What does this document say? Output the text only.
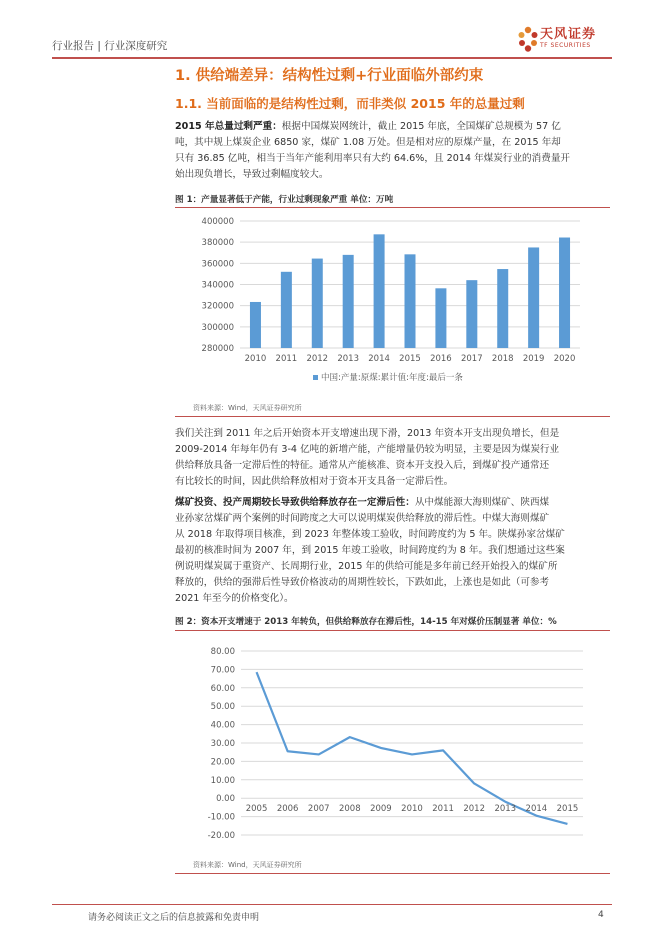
行业报告 | 行业深度研究
天风证券
TF SECURITIES
1. 供给端差异：结构性过剩+行业面临外部约束
1.1. 当前面临的是结构性过剩，而非类似 2015 年的总量过剩
2015 年总量过剩严重：根据中国煤炭网统计，截止 2015 年底，全国煤矿总规模为 57 亿
吨，其中规上煤炭企业 6850 家，煤矿 1.08 万处。但是相对应的原煤产量，在 2015 年却
只有 36.85 亿吨，相当于当年产能利用率只有大约 64.6%，且 2014 年煤炭行业的消费量开
始出现负增长，导致过剩幅度较大。
图 1：产量显著低于产能，行业过剩现象严重 单位：万吨
280000
300000
320000
340000
360000
380000
400000
2010 2011 2012 2013 2014 2015 2016 2017 2018 2019 2020
中国:产量:原煤:累计值:年度:最后一条
资料来源：Wind，天风证券研究所
我们关注到 2011 年之后开始资本开支增速出现下滑，2013 年资本开支出现负增长，但是
2009-2014 年每年仍有 3-4 亿吨的新增产能，产能增量仍较为明显，主要是因为煤炭行业
供给释放具备一定滞后性的特征。通常从产能核准、资本开支投入后，到煤矿投产通常还
有比较长的时间，因此供给释放相对于资本开支具备一定滞后性。
煤矿投资、投产周期较长导致供给释放存在一定滞后性：从中煤能源大海则煤矿、陕西煤
业孙家岔煤矿两个案例的时间跨度之大可以说明煤炭供给释放的滞后性。中煤大海则煤矿
从 2018 年取得项目核准，到 2023 年整体竣工验收，时间跨度约为 5 年。陕煤孙家岔煤矿
最初的核准时间为 2007 年，到 2015 年竣工验收，时间跨度约为 8 年。我们想通过这些案
例说明煤炭属于重资产、长周期行业，2015 年的供给可能是多年前已经开始投入的煤矿所
释放的，供给的强滞后性导致价格波动的周期性较长，下跌如此，上涨也是如此（可参考
2021 年至今的价格变化）。
图 2：资本开支增速于 2013 年转负，但供给释放存在滞后性，14-15 年对煤价压制显著 单位：%
-20.00
-10.00
0.00
10.00
20.00
30.00
40.00
50.00
60.00
70.00
80.00
2005 2006 2007 2008 2009 2010 2011 2012 2013 2014 2015
资料来源：Wind，天风证券研究所
请务必阅读正文之后的信息披露和免责申明	4
